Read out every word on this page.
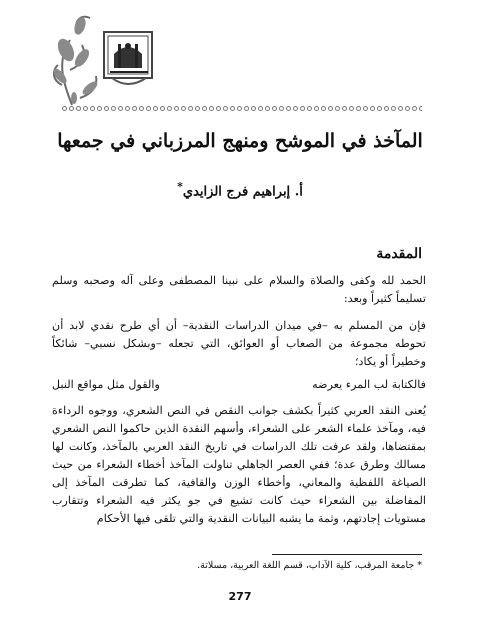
المآخذ في الموشح ومنهج المرزباني في جمعها
أ. إبراهيم فرج الزايدي*
المقدمة
الحمد لله وكفى والصلاة والسلام على نبينا المصطفى وعلى آله وصحبه وسلم تسليماً كثيراً وبعد:
فإن من المسلم به –في ميدان الدراسات النقدية– أن أي طرح نقدي لابد أن تحوطه مجموعة من الصعاب أو العوائق، التي تجعله –وبشكل نسبي– شائكاً وخطيراً أو يكاد؛
فالكتابة لب المرء يعرضه
والقول مثل مواقع النبل
يُعنى النقد العربي كثيراً بكشف جوانب النقص في النص الشعري، ووجوه الرداءة فيه، ومآخذ علماء الشعر على الشعراء، وأسهم النقدة الذين حاكموا النص الشعري بمقتضاها، ولقد عرفت تلك الدراسات في تاريخ النقد العربي بالمآخذ، وكانت لها مسالك وطرق عدة؛ ففي العصر الجاهلي تناولت المآخذ أخطاء الشعراء من حيث الصياغة اللفظية والمعاني، وأخطاء الوزن والقافية، كما تطرقت المآخذ إلى المفاضلة بين الشعراء حيث كانت تشيع في جو يكثر فيه الشعراء وتتقارب مستويات إجادتهم، وثمة ما يشبه البيانات النقدية والتي تلقى فيها الأحكام
* جامعة المرقب، كلية الآداب، قسم اللغة العربية، مسلاتة.
277
